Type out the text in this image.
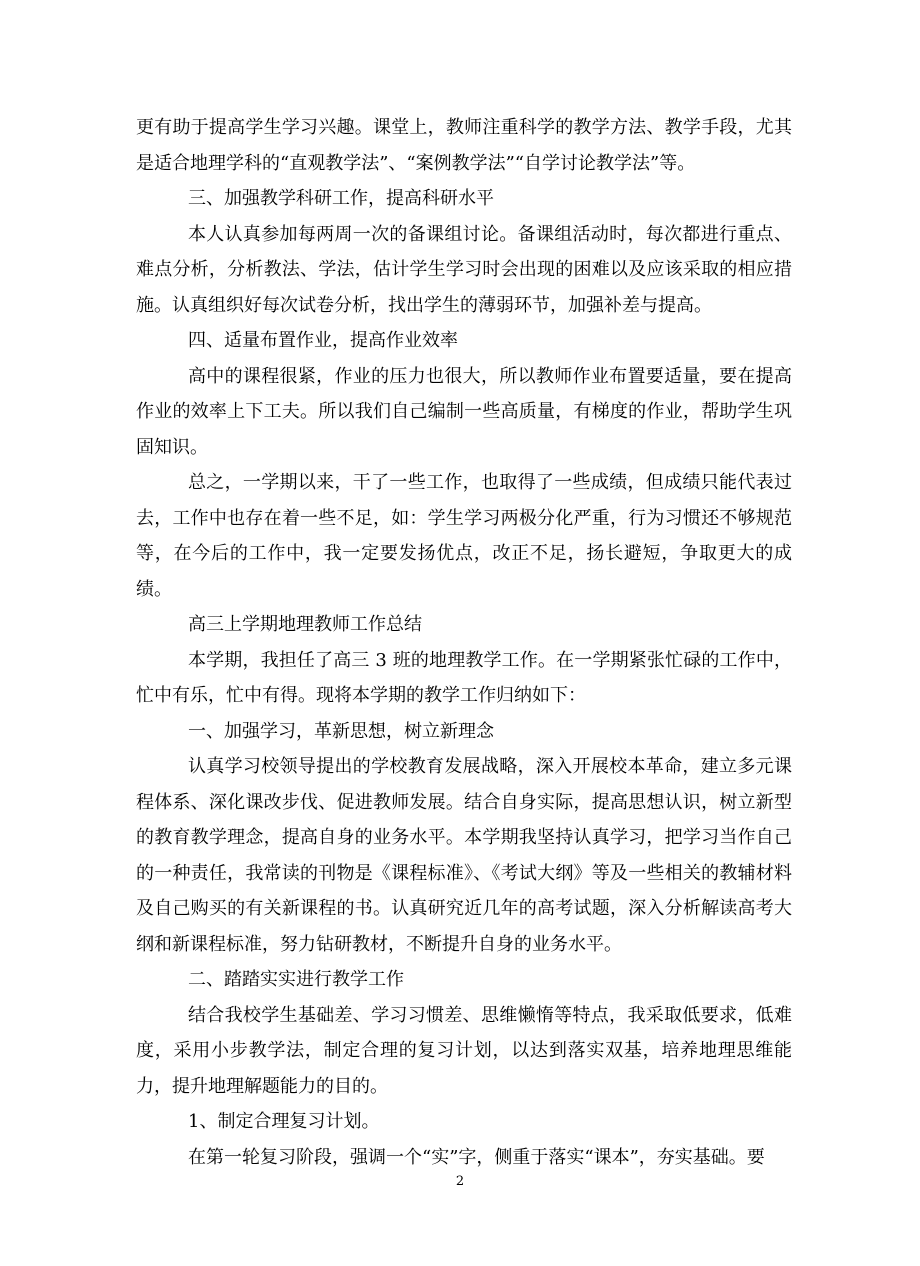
更有助于提高学生学习兴趣。课堂上，教师注重科学的教学方法、教学手段，尤其是适合地理学科的“直观教学法”、“案例教学法”“自学讨论教学法”等。

三、加强教学科研工作，提高科研水平

本人认真参加每两周一次的备课组讨论。备课组活动时，每次都进行重点、难点分析，分析教法、学法，估计学生学习时会出现的困难以及应该采取的相应措施。认真组织好每次试卷分析，找出学生的薄弱环节，加强补差与提高。

四、适量布置作业，提高作业效率

高中的课程很紧，作业的压力也很大，所以教师作业布置要适量，要在提高作业的效率上下工夫。所以我们自己编制一些高质量，有梯度的作业，帮助学生巩固知识。

总之，一学期以来，干了一些工作，也取得了一些成绩，但成绩只能代表过去，工作中也存在着一些不足，如：学生学习两极分化严重，行为习惯还不够规范等，在今后的工作中，我一定要发扬优点，改正不足，扬长避短，争取更大的成绩。

高三上学期地理教师工作总结

本学期，我担任了高三 3 班的地理教学工作。在一学期紧张忙碌的工作中，忙中有乐，忙中有得。现将本学期的教学工作归纳如下：

一、加强学习，革新思想，树立新理念

认真学习校领导提出的学校教育发展战略，深入开展校本革命，建立多元课程体系、深化课改步伐、促进教师发展。结合自身实际，提高思想认识，树立新型的教育教学理念，提高自身的业务水平。本学期我坚持认真学习，把学习当作自己的一种责任，我常读的刊物是《课程标准》、《考试大纲》等及一些相关的教辅材料及自己购买的有关新课程的书。认真研究近几年的高考试题，深入分析解读高考大纲和新课程标准，努力钻研教材，不断提升自身的业务水平。

二、踏踏实实进行教学工作

结合我校学生基础差、学习习惯差、思维懒惰等特点，我采取低要求，低难度，采用小步教学法，制定合理的复习计划，以达到落实双基，培养地理思维能力，提升地理解题能力的目的。

1、制定合理复习计划。

在第一轮复习阶段，强调一个“实”字，侧重于落实“课本”，夯实基础。要

2
